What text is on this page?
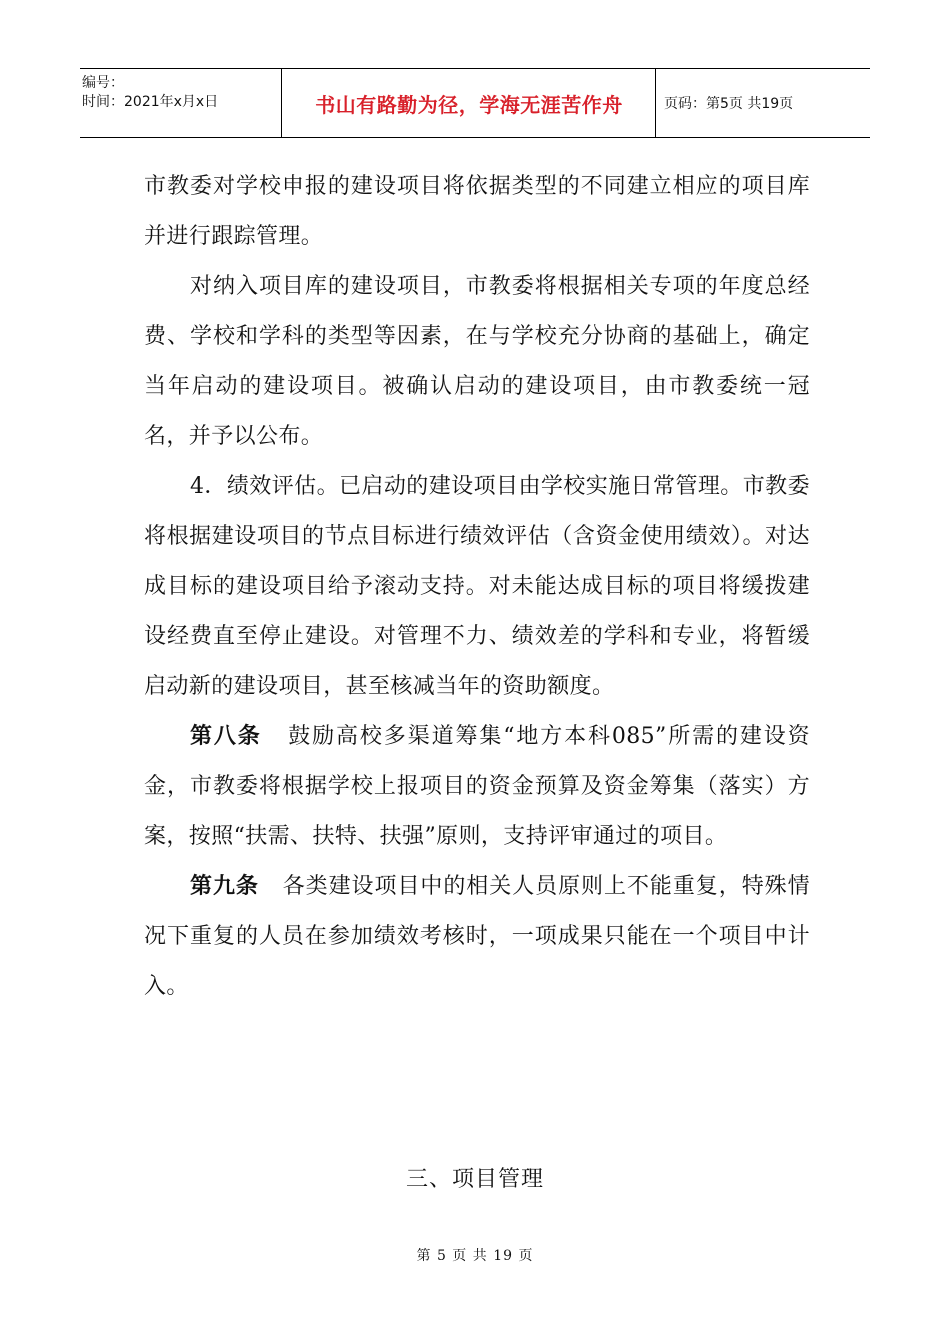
编号：
时间：2021年x月x日	书山有路勤为径，学海无涯苦作舟	页码：第5页 共19页

市教委对学校申报的建设项目将依据类型的不同建立相应的项目库并进行跟踪管理。

对纳入项目库的建设项目，市教委将根据相关专项的年度总经费、学校和学科的类型等因素，在与学校充分协商的基础上，确定当年启动的建设项目。被确认启动的建设项目，由市教委统一冠名，并予以公布。

4．绩效评估。已启动的建设项目由学校实施日常管理。市教委将根据建设项目的节点目标进行绩效评估（含资金使用绩效）。对达成目标的建设项目给予滚动支持。对未能达成目标的项目将缓拨建设经费直至停止建设。对管理不力、绩效差的学科和专业，将暂缓启动新的建设项目，甚至核减当年的资助额度。

第八条 鼓励高校多渠道筹集“地方本科085”所需的建设资金，市教委将根据学校上报项目的资金预算及资金筹集（落实）方案，按照“扶需、扶特、扶强”原则，支持评审通过的项目。

第九条 各类建设项目中的相关人员原则上不能重复，特殊情况下重复的人员在参加绩效考核时，一项成果只能在一个项目中计入。

三、项目管理
第 5 页 共 19 页
